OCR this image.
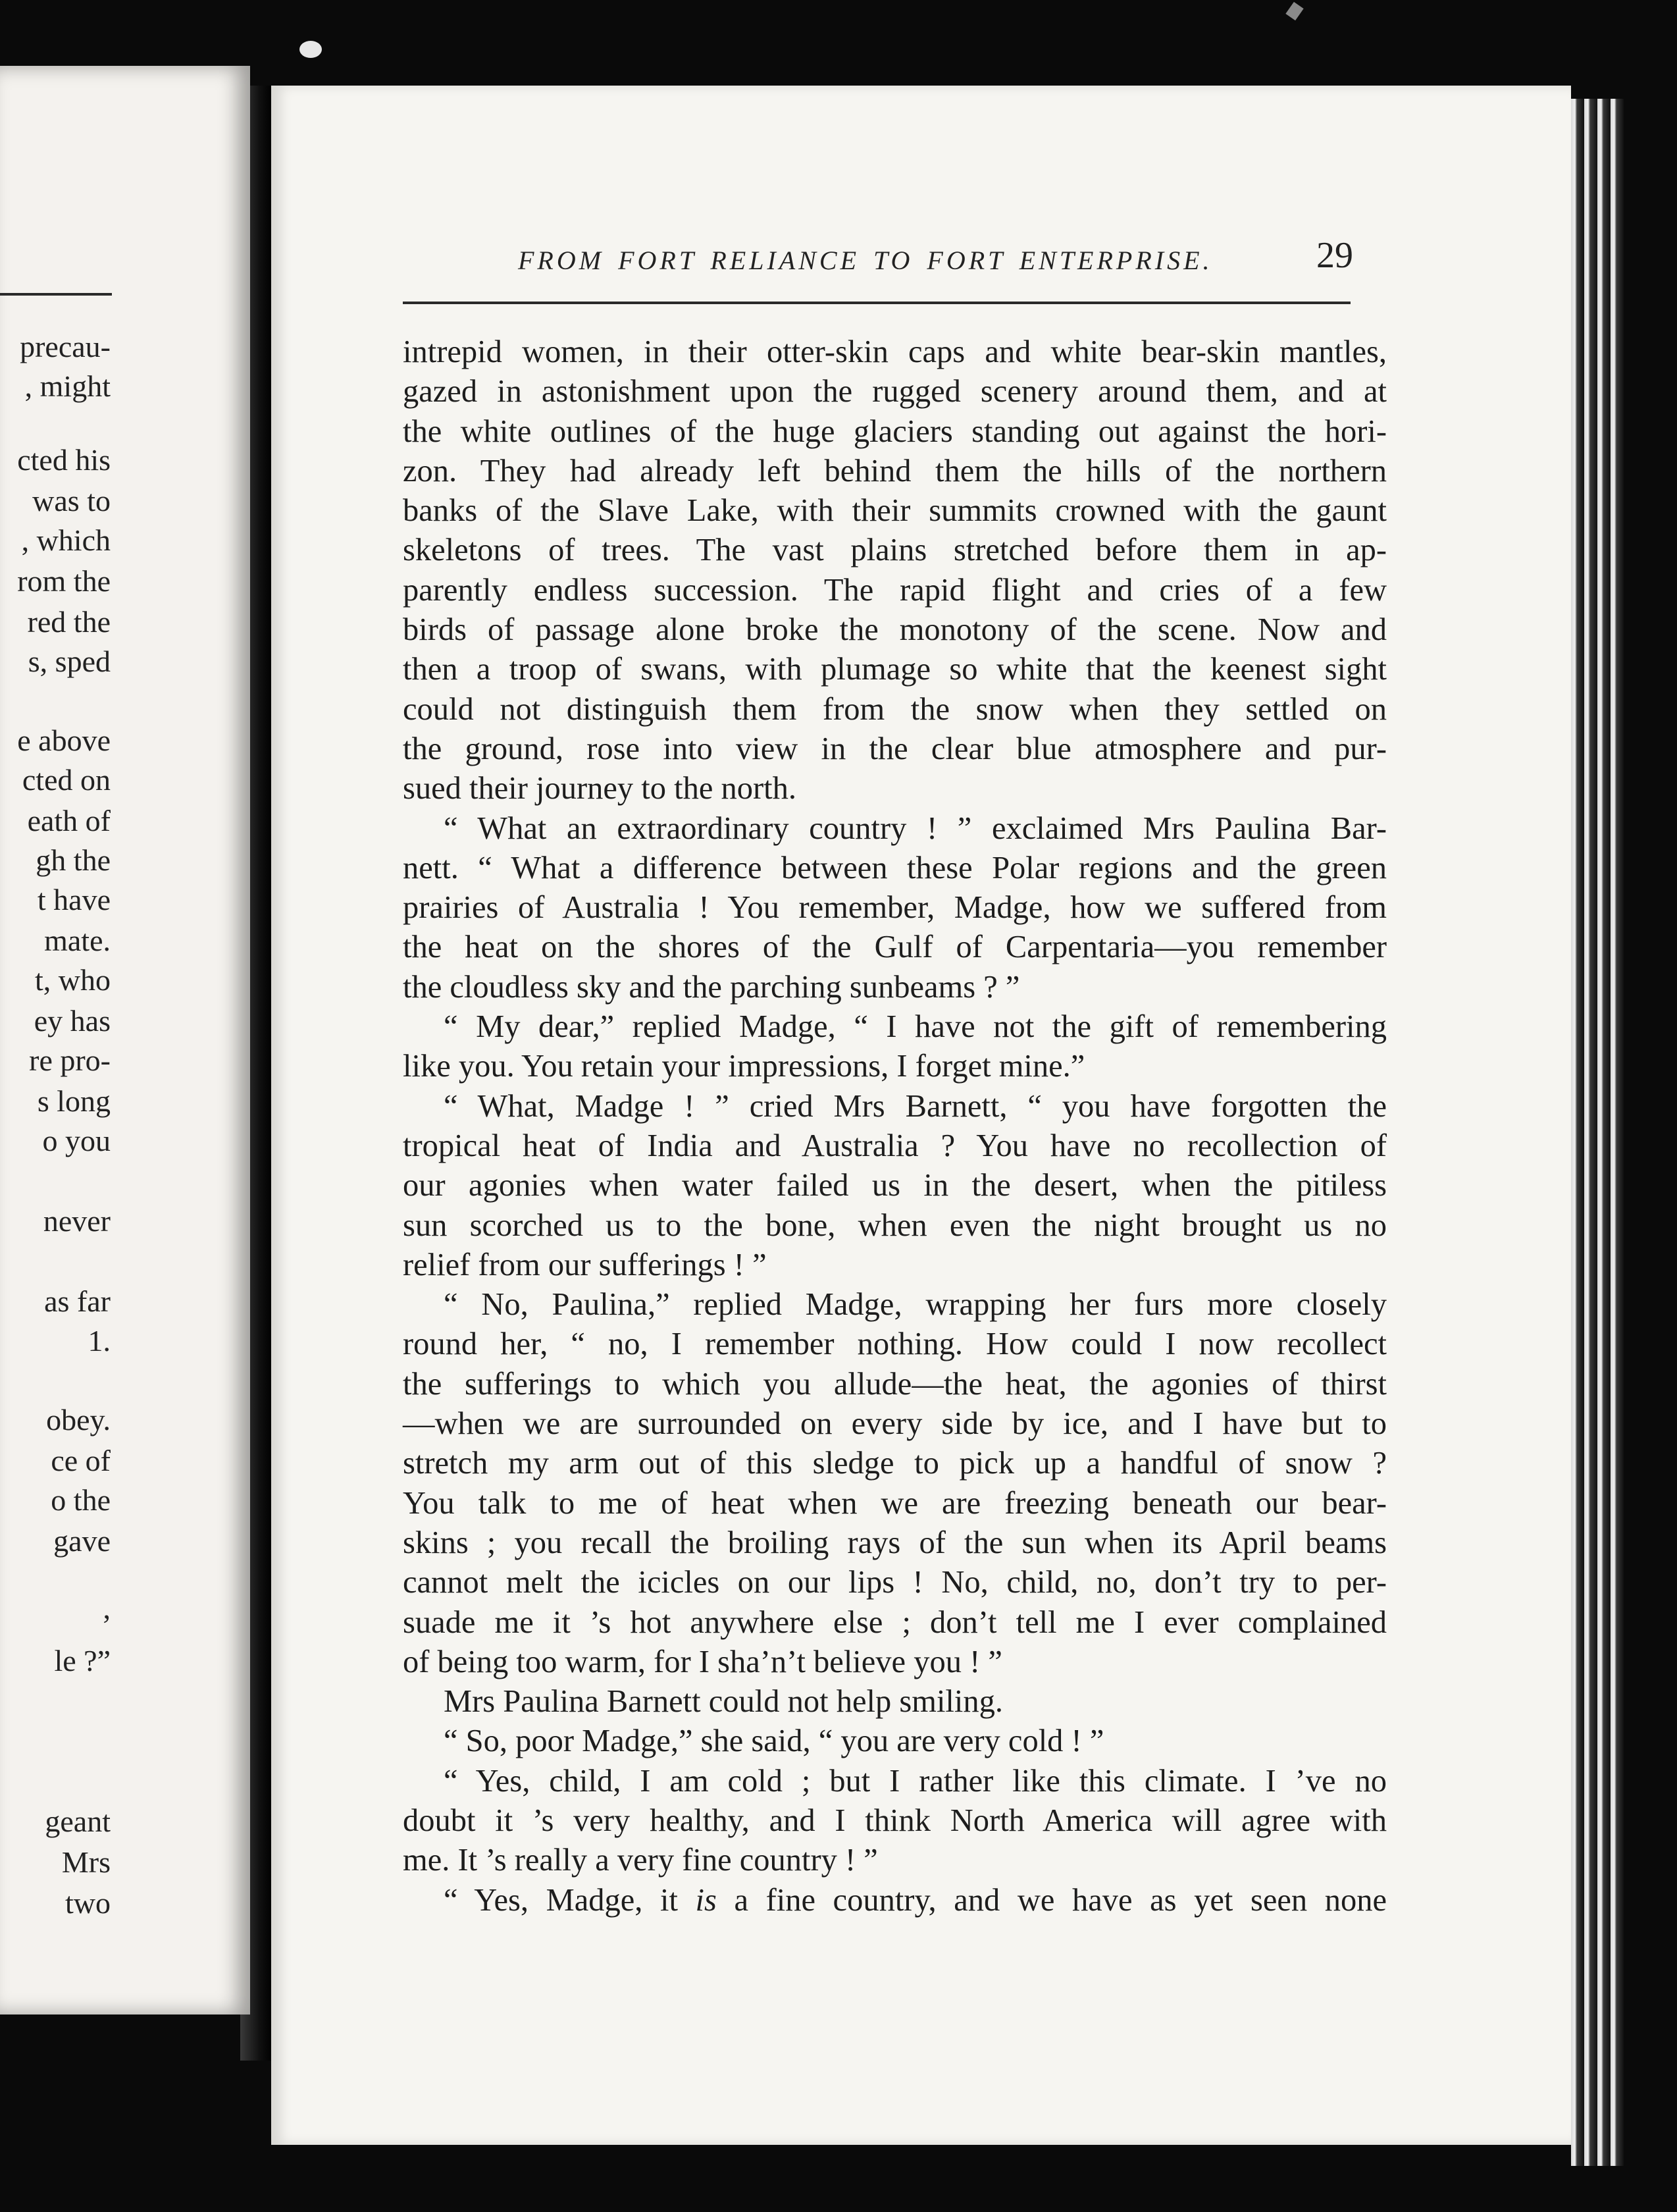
precau-
, might
cted his
was to
, which
rom the
red the
s, sped
e above
cted on
eath of
gh the
t have
mate.
t, who
ey has
re pro-
s long
o you
never
as far
1.
obey.
ce of
o the
gave
,
le ?”
geant
Mrs
two
FROM FORT RELIANCE TO FORT ENTERPRISE.	29
intrepid women, in their otter-skin caps and white bear-skin mantles,
gazed in astonishment upon the rugged scenery around them, and at
the white outlines of the huge glaciers standing out against the hori-
zon. They had already left behind them the hills of the northern
banks of the Slave Lake, with their summits crowned with the gaunt
skeletons of trees. The vast plains stretched before them in ap-
parently endless succession. The rapid flight and cries of a few
birds of passage alone broke the monotony of the scene. Now and
then a troop of swans, with plumage so white that the keenest sight
could not distinguish them from the snow when they settled on
the ground, rose into view in the clear blue atmosphere and pur-
sued their journey to the north.
“ What an extraordinary country ! ” exclaimed Mrs Paulina Bar-
nett. “ What a difference between these Polar regions and the green
prairies of Australia ! You remember, Madge, how we suffered from
the heat on the shores of the Gulf of Carpentaria—you remember
the cloudless sky and the parching sunbeams ? ”
“ My dear,” replied Madge, “ I have not the gift of remembering
like you. You retain your impressions, I forget mine.”
“ What, Madge ! ” cried Mrs Barnett, “ you have forgotten the
tropical heat of India and Australia ? You have no recollection of
our agonies when water failed us in the desert, when the pitiless
sun scorched us to the bone, when even the night brought us no
relief from our sufferings ! ”
“ No, Paulina,” replied Madge, wrapping her furs more closely
round her, “ no, I remember nothing. How could I now recollect
the sufferings to which you allude—the heat, the agonies of thirst
—when we are surrounded on every side by ice, and I have but to
stretch my arm out of this sledge to pick up a handful of snow ?
You talk to me of heat when we are freezing beneath our bear-
skins ; you recall the broiling rays of the sun when its April beams
cannot melt the icicles on our lips ! No, child, no, don’t try to per-
suade me it ’s hot anywhere else ; don’t tell me I ever complained
of being too warm, for I sha’n’t believe you ! ”
Mrs Paulina Barnett could not help smiling.
“ So, poor Madge,” she said, “ you are very cold ! ”
“ Yes, child, I am cold ; but I rather like this climate. I ’ve no
doubt it ’s very healthy, and I think North America will agree with
me. It ’s really a very fine country ! ”
“ Yes, Madge, it is a fine country, and we have as yet seen none
